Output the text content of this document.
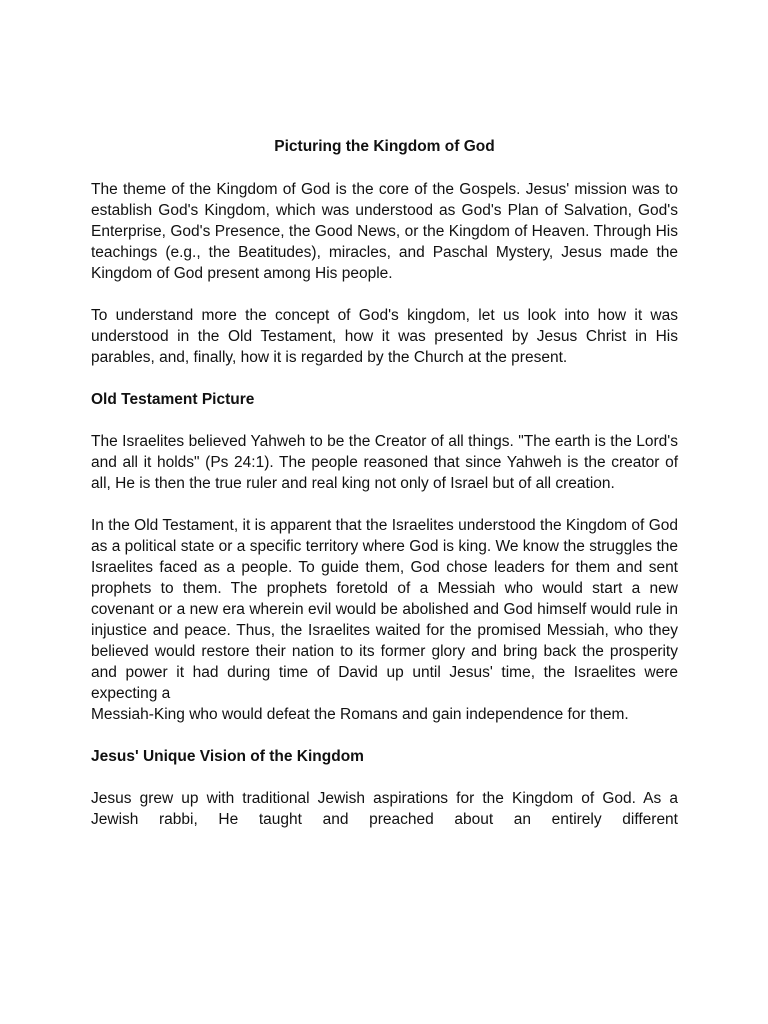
Picturing the Kingdom of God
The theme of the Kingdom of God is the core of the Gospels. Jesus' mission was to establish God's Kingdom, which was understood as God's Plan of Salvation, God's Enterprise, God's Presence, the Good News, or the Kingdom of Heaven. Through His teachings (e.g., the Beatitudes), miracles, and Paschal Mystery, Jesus made the Kingdom of God present among His people.
To understand more the concept of God's kingdom, let us look into how it was understood in the Old Testament, how it was presented by Jesus Christ in His parables, and, finally, how it is regarded by the Church at the present.
Old Testament Picture
The Israelites believed Yahweh to be the Creator of all things. "The earth is the Lord's and all it holds" (Ps 24:1). The people reasoned that since Yahweh is the creator of all, He is then the true ruler and real king not only of Israel but of all creation.
In the Old Testament, it is apparent that the Israelites understood the Kingdom of God as a political state or a specific territory where God is king. We know the struggles the Israelites faced as a people. To guide them, God chose leaders for them and sent prophets to them. The prophets foretold of a Messiah who would start a new covenant or a new era wherein evil would be abolished and God himself would rule in injustice and peace. Thus, the Israelites waited for the promised Messiah, who they believed would restore their nation to its former glory and bring back the prosperity and power it had during time of David up until Jesus' time, the Israelites were expecting a
Messiah-King who would defeat the Romans and gain independence for them.
Jesus' Unique Vision of the Kingdom
Jesus grew up with traditional Jewish aspirations for the Kingdom of God. As a Jewish rabbi, He taught and preached about an entirely different
